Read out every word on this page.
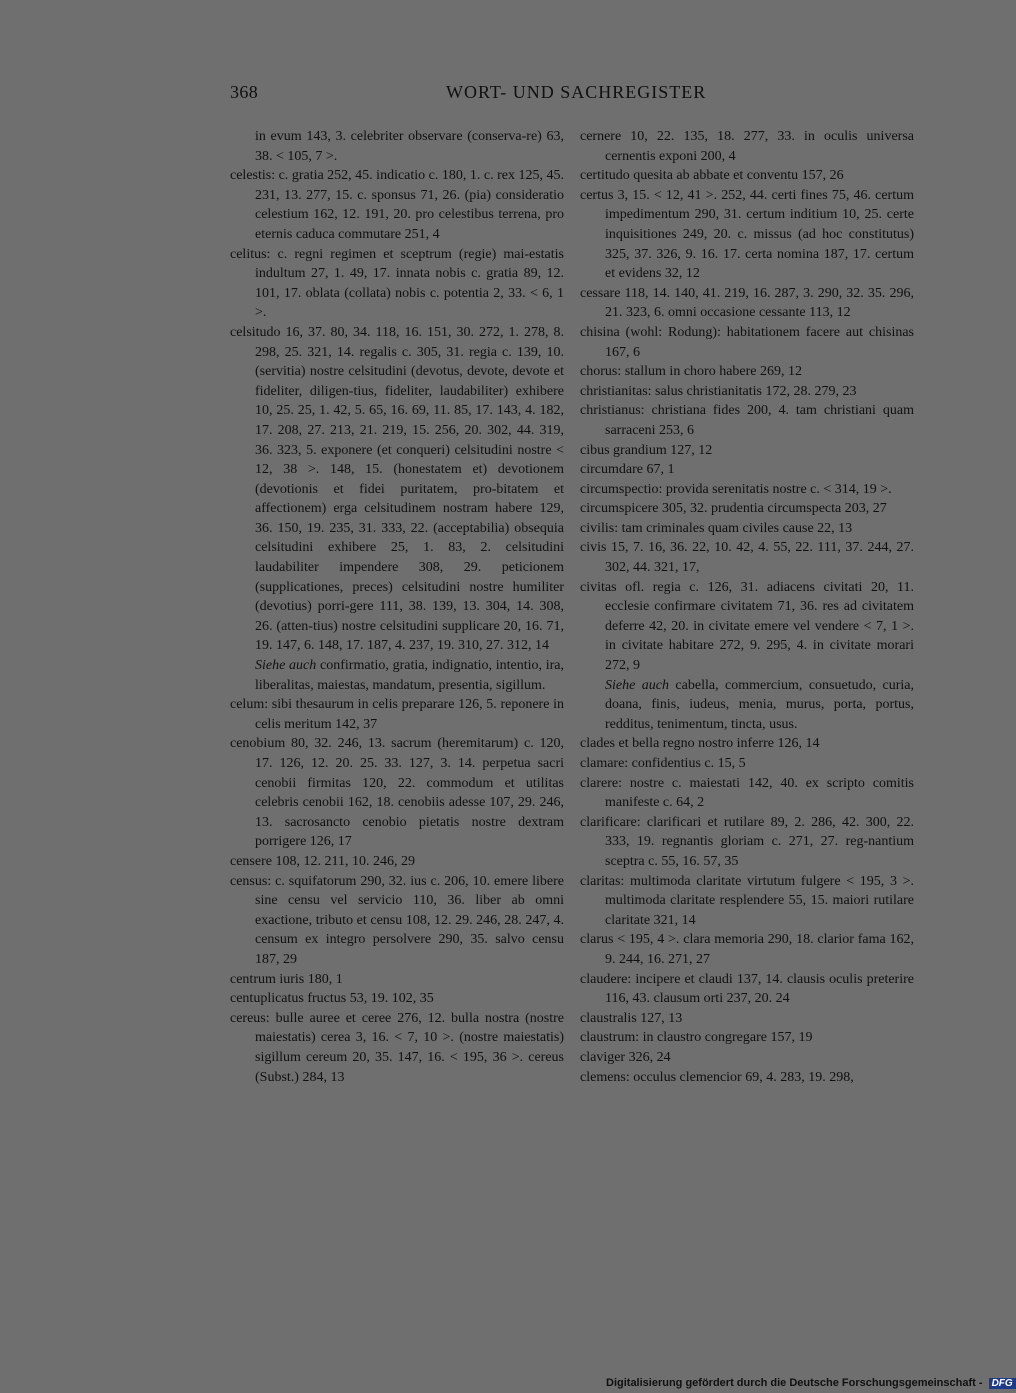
368	WORT- UND SACHREGISTER

in evum 143, 3. celebriter observare (conserva-re) 63, 38. < 105, 7 >.

celestis: c. gratia 252, 45. indicatio c. 180, 1. c. rex 125, 45. 231, 13. 277, 15. c. sponsus 71, 26. (pia) consideratio celestium 162, 12. 191, 20. pro celestibus terrena, pro eternis caduca commutare 251, 4

celitus: c. regni regimen et sceptrum (regie) mai-estatis indultum 27, 1. 49, 17. innata nobis c. gratia 89, 12. 101, 17. oblata (collata) nobis c. potentia 2, 33. < 6, 1 >.

celsitudo 16, 37. 80, 34. 118, 16. 151, 30. 272, 1. 278, 8. 298, 25. 321, 14. regalis c. 305, 31. regia c. 139, 10. (servitia) nostre celsitudini (devotus, devote, devote et fideliter, diligen-tius, fideliter, laudabiliter) exhibere 10, 25. 25, 1. 42, 5. 65, 16. 69, 11. 85, 17. 143, 4. 182, 17. 208, 27. 213, 21. 219, 15. 256, 20. 302, 44. 319, 36. 323, 5. exponere (et conqueri) celsitudini nostre < 12, 38 >. 148, 15. (honestatem et) devotionem (devotionis et fidei puritatem, pro-bitatem et affectionem) erga celsitudinem nostram habere 129, 36. 150, 19. 235, 31. 333, 22. (acceptabilia) obsequia celsitudini exhibere 25, 1. 83, 2. celsitudini laudabiliter impendere 308, 29. peticionem (supplicationes, preces) celsitudini nostre humiliter (devotius) porri-gere 111, 38. 139, 13. 304, 14. 308, 26. (atten-tius) nostre celsitudini supplicare 20, 16. 71, 19. 147, 6. 148, 17. 187, 4. 237, 19. 310, 27. 312, 14

Siehe auch confirmatio, gratia, indignatio, intentio, ira, liberalitas, maiestas, mandatum, presentia, sigillum.

celum: sibi thesaurum in celis preparare 126, 5. reponere in celis meritum 142, 37

cenobium 80, 32. 246, 13. sacrum (heremitarum) c. 120, 17. 126, 12. 20. 25. 33. 127, 3. 14. perpetua sacri cenobii firmitas 120, 22. commodum et utilitas celebris cenobii 162, 18. cenobiis adesse 107, 29. 246, 13. sacrosancto cenobio pietatis nostre dextram porrigere 126, 17

censere 108, 12. 211, 10. 246, 29

census: c. squifatorum 290, 32. ius c. 206, 10. emere libere sine censu vel servicio 110, 36. liber ab omni exactione, tributo et censu 108, 12. 29. 246, 28. 247, 4. censum ex integro persolvere 290, 35. salvo censu 187, 29

centrum iuris 180, 1

centuplicatus fructus 53, 19. 102, 35

cereus: bulle auree et ceree 276, 12. bulla nostra (nostre maiestatis) cerea 3, 16. < 7, 10 >. (nostre maiestatis) sigillum cereum 20, 35. 147, 16. < 195, 36 >. cereus (Subst.) 284, 13

cernere 10, 22. 135, 18. 277, 33. in oculis universa cernentis exponi 200, 4

certitudo quesita ab abbate et conventu 157, 26

certus 3, 15. < 12, 41 >. 252, 44. certi fines 75, 46. certum impedimentum 290, 31. certum inditium 10, 25. certe inquisitiones 249, 20. c. missus (ad hoc constitutus) 325, 37. 326, 9. 16. 17. certa nomina 187, 17. certum et evidens 32, 12

cessare 118, 14. 140, 41. 219, 16. 287, 3. 290, 32. 35. 296, 21. 323, 6. omni occasione cessante 113, 12

chisina (wohl: Rodung): habitationem facere aut chisinas 167, 6

chorus: stallum in choro habere 269, 12

christianitas: salus christianitatis 172, 28. 279, 23

christianus: christiana fides 200, 4. tam christiani quam sarraceni 253, 6

cibus grandium 127, 12

circumdare 67, 1

circumspectio: provida serenitatis nostre c. < 314, 19 >.

circumspicere 305, 32. prudentia circumspecta 203, 27

civilis: tam criminales quam civiles cause 22, 13

civis 15, 7. 16, 36. 22, 10. 42, 4. 55, 22. 111, 37. 244, 27. 302, 44. 321, 17,

civitas ofl. regia c. 126, 31. adiacens civitati 20, 11. ecclesie confirmare civitatem 71, 36. res ad civitatem deferre 42, 20. in civitate emere vel vendere < 7, 1 >. in civitate habitare 272, 9. 295, 4. in civitate morari 272, 9

Siehe auch cabella, commercium, consuetudo, curia, doana, finis, iudeus, menia, murus, porta, portus, redditus, tenimentum, tincta, usus.

clades et bella regno nostro inferre 126, 14

clamare: confidentius c. 15, 5

clarere: nostre c. maiestati 142, 40. ex scripto comitis manifeste c. 64, 2

clarificare: clarificari et rutilare 89, 2. 286, 42. 300, 22. 333, 19. regnantis gloriam c. 271, 27. reg-nantium sceptra c. 55, 16. 57, 35

claritas: multimoda claritate virtutum fulgere < 195, 3 >. multimoda claritate resplendere 55, 15. maiori rutilare claritate 321, 14

clarus < 195, 4 >. clara memoria 290, 18. clarior fama 162, 9. 244, 16. 271, 27

claudere: incipere et claudi 137, 14. clausis oculis preterire 116, 43. clausum orti 237, 20. 24

claustralis 127, 13

claustrum: in claustro congregare 157, 19

claviger 326, 24

clemens: occulus clemencior 69, 4. 283, 19. 298,

Digitalisierung gefördert durch die Deutsche Forschungsgemeinschaft - DFG
